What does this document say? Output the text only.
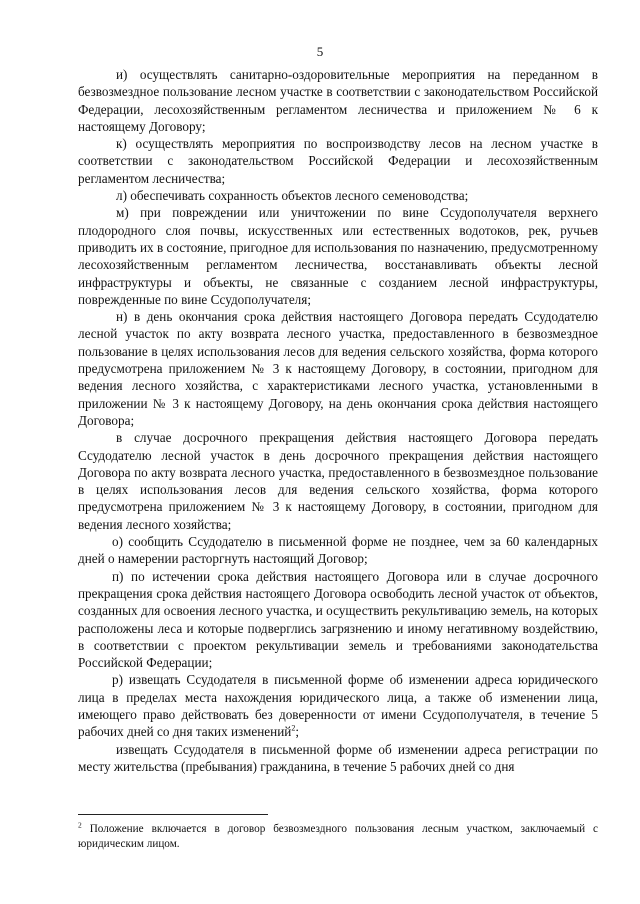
5

и) осуществлять санитарно-оздоровительные мероприятия на переданном в безвозмездное пользование лесном участке в соответствии с законодательством Российской Федерации, лесохозяйственным регламентом лесничества и приложением № 6 к настоящему Договору;

к) осуществлять мероприятия по воспроизводству лесов на лесном участке в соответствии с законодательством Российской Федерации и лесохозяйственным регламентом лесничества;

л) обеспечивать сохранность объектов лесного семеноводства;

м) при повреждении или уничтожении по вине Ссудополучателя верхнего плодородного слоя почвы, искусственных или естественных водотоков, рек, ручьев приводить их в состояние, пригодное для использования по назначению, предусмотренному лесохозяйственным регламентом лесничества, восстанавливать объекты лесной инфраструктуры и объекты, не связанные с созданием лесной инфраструктуры, поврежденные по вине Ссудополучателя;

н) в день окончания срока действия настоящего Договора передать Ссудодателю лесной участок по акту возврата лесного участка, предоставленного в безвозмездное пользование в целях использования лесов для ведения сельского хозяйства, форма которого предусмотрена приложением № 3 к настоящему Договору, в состоянии, пригодном для ведения лесного хозяйства, с характеристиками лесного участка, установленными в приложении № 3 к настоящему Договору, на день окончания срока действия настоящего Договора;

в случае досрочного прекращения действия настоящего Договора передать Ссудодателю лесной участок в день досрочного прекращения действия настоящего Договора по акту возврата лесного участка, предоставленного в безвозмездное пользование в целях использования лесов для ведения сельского хозяйства, форма которого предусмотрена приложением № 3 к настоящему Договору, в состоянии, пригодном для ведения лесного хозяйства;

о) сообщить Ссудодателю в письменной форме не позднее, чем за 60 календарных дней о намерении расторгнуть настоящий Договор;

п) по истечении срока действия настоящего Договора или в случае досрочного прекращения срока действия настоящего Договора освободить лесной участок от объектов, созданных для освоения лесного участка, и осуществить рекультивацию земель, на которых расположены леса и которые подверглись загрязнению и иному негативному воздействию, в соответствии с проектом рекультивации земель и требованиями законодательства Российской Федерации;

р) извещать Ссудодателя в письменной форме об изменении адреса юридического лица в пределах места нахождения юридического лица, а также об изменении лица, имеющего право действовать без доверенности от имени Ссудополучателя, в течение 5 рабочих дней со дня таких изменений$^2$;

извещать Ссудодателя в письменной форме об изменении адреса регистрации по месту жительства (пребывания) гражданина, в течение 5 рабочих дней со дня

$^2$ Положение включается в договор безвозмездного пользования лесным участком, заключаемый с юридическим лицом.
